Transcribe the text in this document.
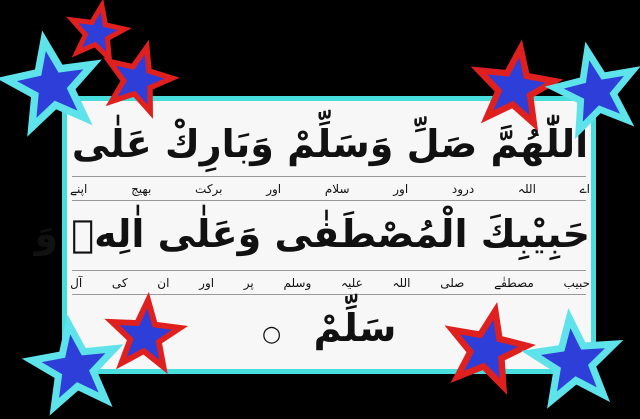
اَللّٰھُمَّ صَلِّ وَسَلِّمْ وَبَارِكْ عَلٰى
اے
اللہ
درود
اور
سلام
اور
برکت
بھیج
اپنے
حَبِیْبِكَ الْمُصْطَفٰى وَعَلٰى اٰلِهٖ وَ
حبیب
مصطفٰے
صلی
اللہ
علیہ
وسلم
پر
اور
ان
کی
آل
سَلِّمْ
○
